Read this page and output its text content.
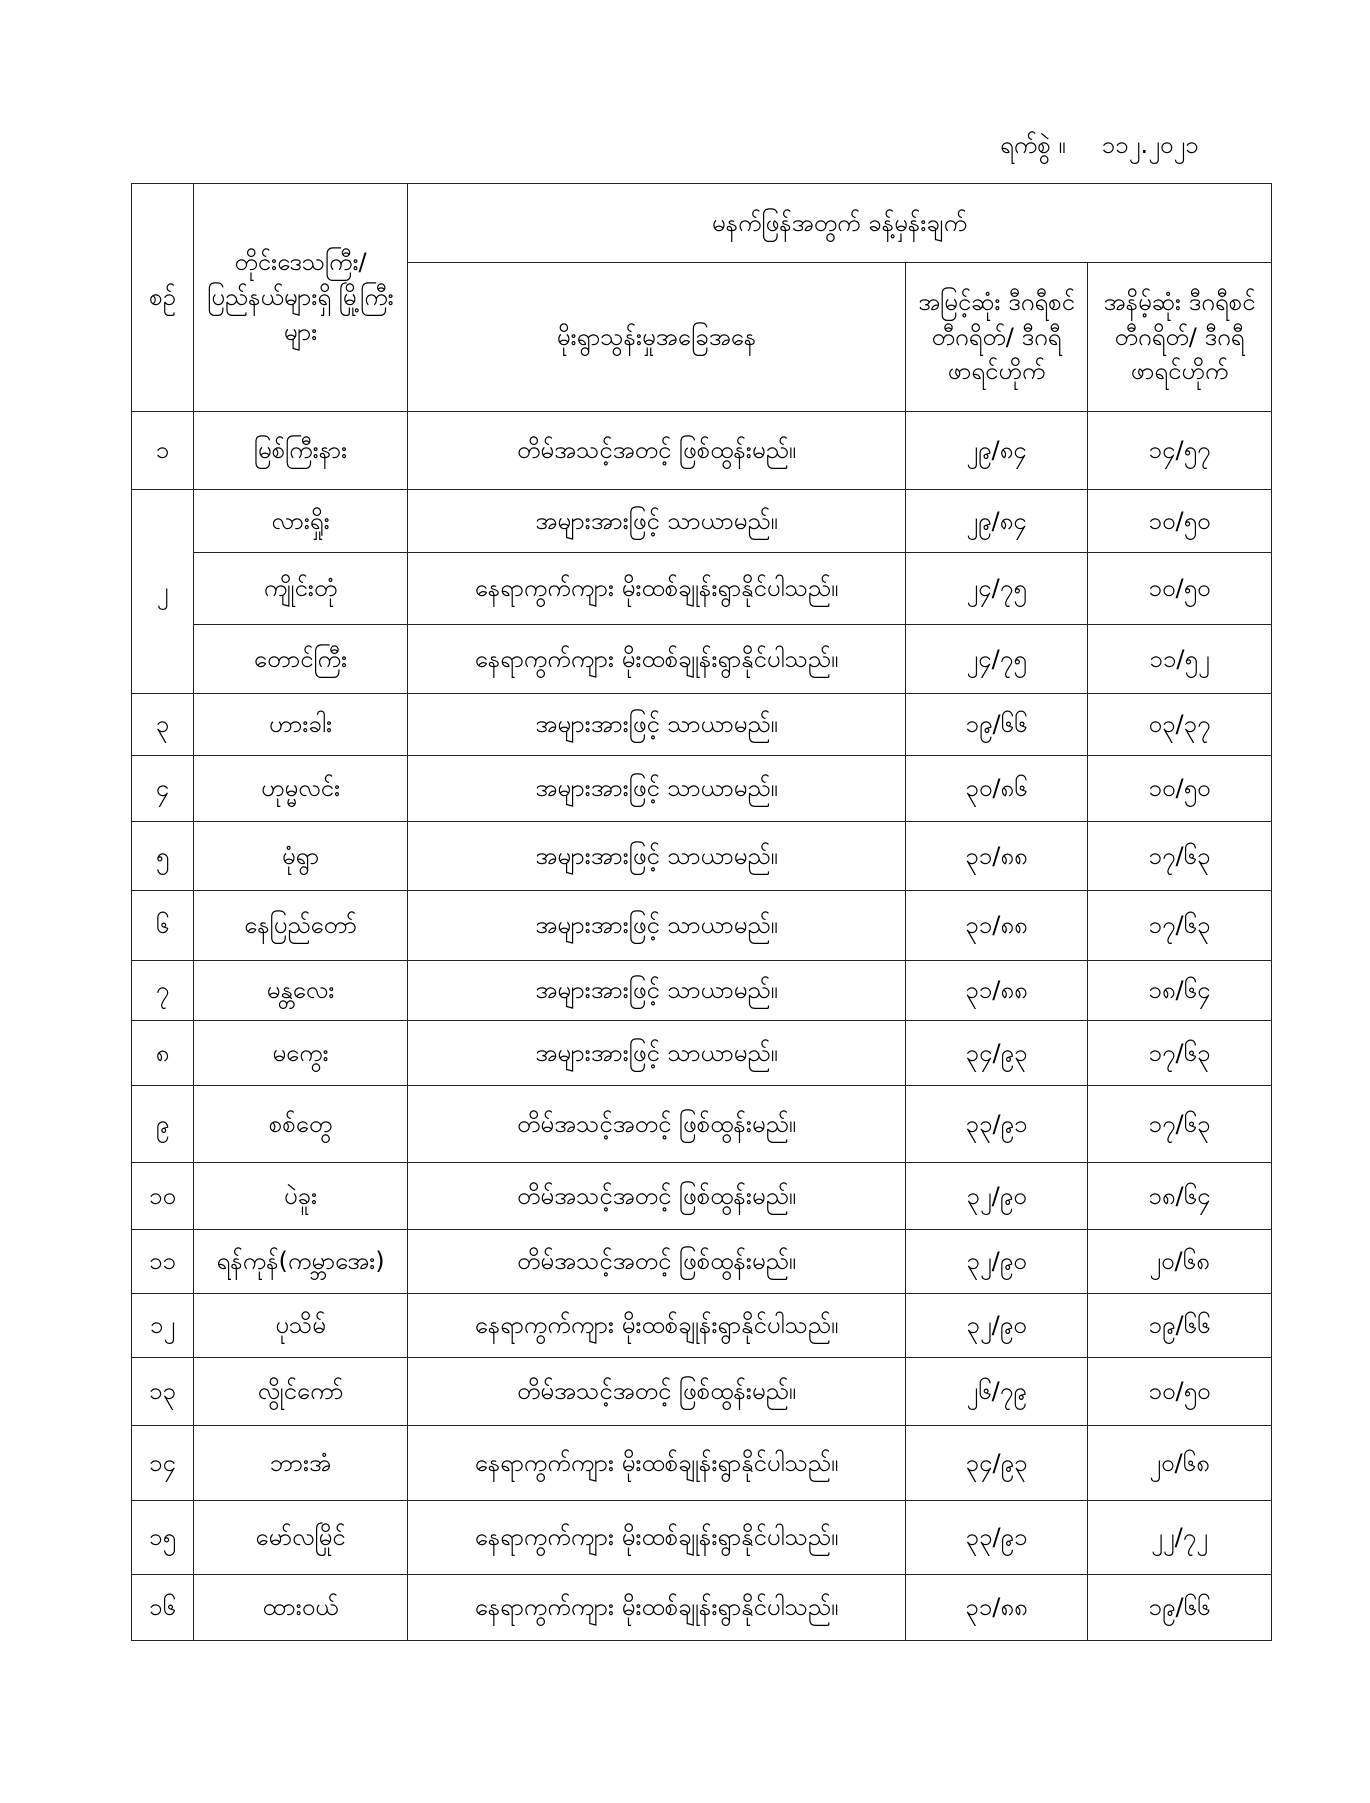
ရက်စွဲ ။ ၁၁၂.၂၀၂၁
စဉ်	တိုင်းဒေသကြီး/ ပြည်နယ်များရှိ မြို့ကြီးများ	မနက်ဖြန်အတွက် ခန့်မှန်းချက်		
		မိုးရွာသွန်းမှုအခြေအနေ	အမြင့်ဆုံး ဒီဂရီစင်တီဂရိတ်/ ဒီဂရီဖာရင်ဟိုက်	အနိမ့်ဆုံး ဒီဂရီစင်တီဂရိတ်/ ဒီဂရီဖာရင်ဟိုက်
၁	မြစ်ကြီးနား	တိမ်အသင့်အတင့် ဖြစ်ထွန်းမည်။	၂၉/၈၄	၁၄/၅၇
၂	လားရှိုး	အများအားဖြင့် သာယာမည်။	၂၉/၈၄	၁၀/၅၀
	ကျိုင်းတုံ	နေရာကွက်ကျား မိုးထစ်ချုန်းရွာနိုင်ပါသည်။	၂၄/၇၅	၁၀/၅၀
	တောင်ကြီး	နေရာကွက်ကျား မိုးထစ်ချုန်းရွာနိုင်ပါသည်။	၂၄/၇၅	၁၁/၅၂
၃	ဟားခါး	အများအားဖြင့် သာယာမည်။	၁၉/၆၆	၀၃/၃၇
၄	ဟုမ္မလင်း	အများအားဖြင့် သာယာမည်။	၃၀/၈၆	၁၀/၅၀
၅	မုံရွာ	အများအားဖြင့် သာယာမည်။	၃၁/၈၈	၁၇/၆၃
၆	နေပြည်တော်	အများအားဖြင့် သာယာမည်။	၃၁/၈၈	၁၇/၆၃
၇	မန္တလေး	အများအားဖြင့် သာယာမည်။	၃၁/၈၈	၁၈/၆၄
၈	မကွေး	အများအားဖြင့် သာယာမည်။	၃၄/၉၃	၁၇/၆၃
၉	စစ်တွေ	တိမ်အသင့်အတင့် ဖြစ်ထွန်းမည်။	၃၃/၉၁	၁၇/၆၃
၁၀	ပဲခူး	တိမ်အသင့်အတင့် ဖြစ်ထွန်းမည်။	၃၂/၉၀	၁၈/၆၄
၁၁	ရန်ကုန်(ကမ္ဘာအေး)	တိမ်အသင့်အတင့် ဖြစ်ထွန်းမည်။	၃၂/၉၀	၂၀/၆၈
၁၂	ပုသိမ်	နေရာကွက်ကျား မိုးထစ်ချုန်းရွာနိုင်ပါသည်။	၃၂/၉၀	၁၉/၆၆
၁၃	လွိုင်ကော်	တိမ်အသင့်အတင့် ဖြစ်ထွန်းမည်။	၂၆/၇၉	၁၀/၅၀
၁၄	ဘားအံ	နေရာကွက်ကျား မိုးထစ်ချုန်းရွာနိုင်ပါသည်။	၃၄/၉၃	၂၀/၆၈
၁၅	မော်လမြိုင်	နေရာကွက်ကျား မိုးထစ်ချုန်းရွာနိုင်ပါသည်။	၃၃/၉၁	၂၂/၇၂
၁၆	ထားဝယ်	နေရာကွက်ကျား မိုးထစ်ချုန်းရွာနိုင်ပါသည်။	၃၁/၈၈	၁၉/၆၆
